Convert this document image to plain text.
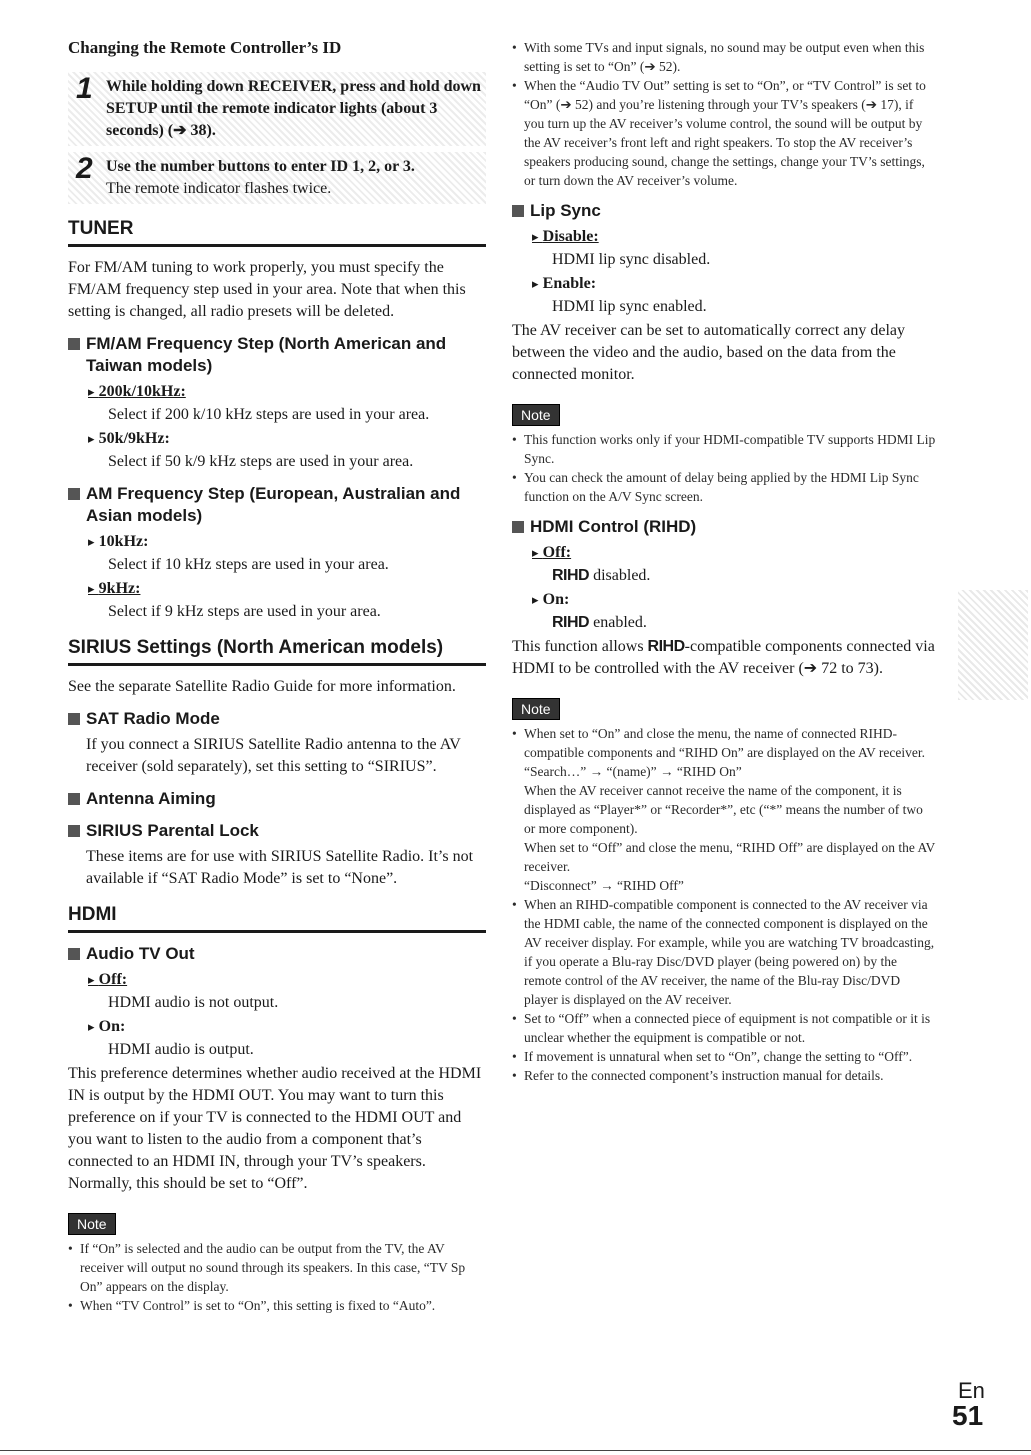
Changing the Remote Controller’s ID

1 While holding down RECEIVER, press and hold down SETUP until the remote indicator lights (about 3 seconds) (➔ 38).

2 Use the number buttons to enter ID 1, 2, or 3.

The remote indicator flashes twice.

TUNER

For FM/AM tuning to work properly, you must specify the FM/AM frequency step used in your area. Note that when this setting is changed, all radio presets will be deleted.

FM/AM Frequency Step (North American and Taiwan models)

▸ 200k/10kHz:

Select if 200 k/10 kHz steps are used in your area.

▸ 50k/9kHz:

Select if 50 k/9 kHz steps are used in your area.

AM Frequency Step (European, Australian and Asian models)

▸ 10kHz:

Select if 10 kHz steps are used in your area.

▸ 9kHz:

Select if 9 kHz steps are used in your area.

SIRIUS Settings (North American models)

See the separate Satellite Radio Guide for more information.

SAT Radio Mode

If you connect a SIRIUS Satellite Radio antenna to the AV receiver (sold separately), set this setting to “SIRIUS”.

Antenna Aiming

SIRIUS Parental Lock

These items are for use with SIRIUS Satellite Radio. It’s not available if “SAT Radio Mode” is set to “None”.

HDMI

Audio TV Out

▸ Off:

HDMI audio is not output.

▸ On:

HDMI audio is output.

This preference determines whether audio received at the HDMI IN is output by the HDMI OUT. You may want to turn this preference on if your TV is connected to the HDMI OUT and you want to listen to the audio from a component that’s connected to an HDMI IN, through your TV’s speakers. Normally, this should be set to “Off”.

Note

• If “On” is selected and the audio can be output from the TV, the AV receiver will output no sound through its speakers. In this case, “TV Sp On” appears on the display.

• When “TV Control” is set to “On”, this setting is fixed to “Auto”.

• With some TVs and input signals, no sound may be output even when this setting is set to “On” (➔ 52).

• When the “Audio TV Out” setting is set to “On”, or “TV Control” is set to “On” (➔ 52) and you’re listening through your TV’s speakers (➔ 17), if you turn up the AV receiver’s volume control, the sound will be output by the AV receiver’s front left and right speakers. To stop the AV receiver’s speakers producing sound, change the settings, change your TV’s settings, or turn down the AV receiver’s volume.

Lip Sync

▸ Disable:

HDMI lip sync disabled.

▸ Enable:

HDMI lip sync enabled.

The AV receiver can be set to automatically correct any delay between the video and the audio, based on the data from the connected monitor.

Note

• This function works only if your HDMI-compatible TV supports HDMI Lip Sync.

• You can check the amount of delay being applied by the HDMI Lip Sync function on the A/V Sync screen.

HDMI Control (RIHD)

▸ Off:

RIHD disabled.

▸ On:

RIHD enabled.

This function allows RIHD-compatible components connected via HDMI to be controlled with the AV receiver (➔ 72 to 73).

Note

• When set to “On” and close the menu, the name of connected RIHD-compatible components and “RIHD On” are displayed on the AV receiver.

“Search…” → “(name)” → “RIHD On”

When the AV receiver cannot receive the name of the component, it is displayed as “Player*” or “Recorder*”, etc (“*” means the number of two or more component).

When set to “Off” and close the menu, “RIHD Off” are displayed on the AV receiver.

“Disconnect” → “RIHD Off”

• When an RIHD-compatible component is connected to the AV receiver via the HDMI cable, the name of the connected component is displayed on the AV receiver display. For example, while you are watching TV broadcasting, if you operate a Blu-ray Disc/DVD player (being powered on) by the remote control of the AV receiver, the name of the Blu-ray Disc/DVD player is displayed on the AV receiver.

• Set to “Off” when a connected piece of equipment is not compatible or it is unclear whether the equipment is compatible or not.

• If movement is unnatural when set to “On”, change the setting to “Off”.

• Refer to the connected component’s instruction manual for details.

En
51
